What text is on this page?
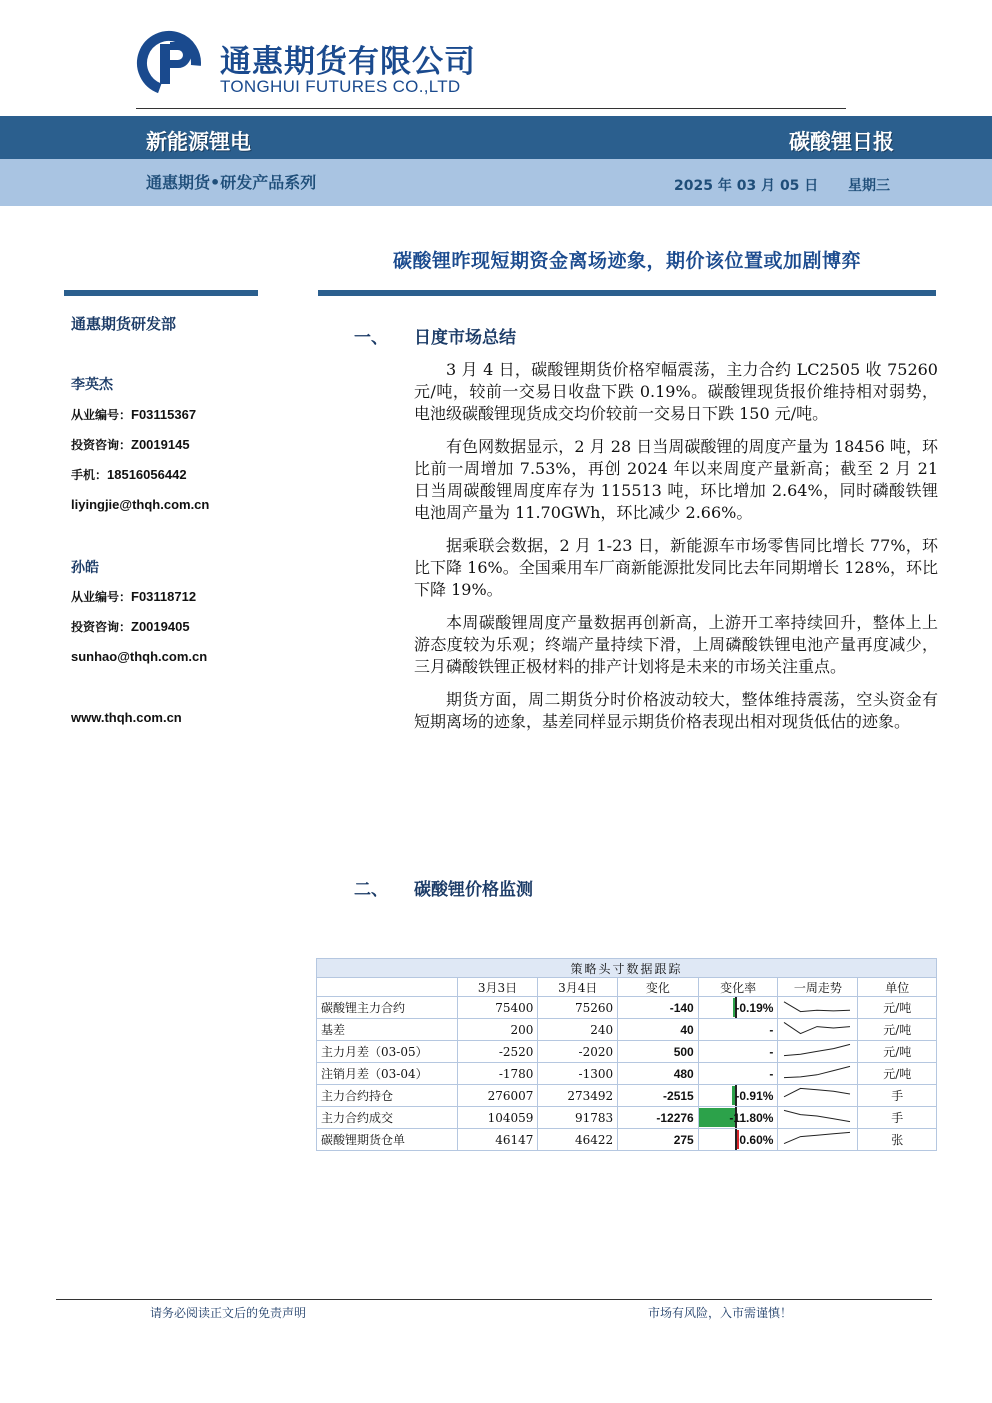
通惠期货有限公司
TONGHUI FUTURES CO.,LTD
新能源锂电	碳酸锂日报
通惠期货•研发产品系列	2025 年 03 月 05 日 星期三
碳酸锂昨现短期资金离场迹象，期价该位置或加剧博弈
通惠期货研发部
李英杰
从业编号：F03115367
投资咨询：Z0019145
手机：18516056442
liyingjie@thqh.com.cn
孙皓
从业编号：F03118712
投资咨询：Z0019405
sunhao@thqh.com.cn
www.thqh.com.cn
一、 日度市场总结

3 月 4 日，碳酸锂期货价格窄幅震荡，主力合约 LC2505 收 75260 元/吨，较前一交易日收盘下跌 0.19%。碳酸锂现货报价维持相对弱势，电池级碳酸锂现货成交均价较前一交易日下跌 150 元/吨。

有色网数据显示，2 月 28 日当周碳酸锂的周度产量为 18456 吨，环比前一周增加 7.53%，再创 2024 年以来周度产量新高；截至 2 月 21 日当周碳酸锂周度库存为 115513 吨，环比增加 2.64%，同时磷酸铁锂电池周产量为 11.70GWh，环比减少 2.66%。

据乘联会数据，2 月 1-23 日，新能源车市场零售同比增长 77%，环比下降 16%。全国乘用车厂商新能源批发同比去年同期增长 128%，环比下降 19%。

本周碳酸锂周度产量数据再创新高，上游开工率持续回升，整体上上游态度较为乐观；终端产量持续下滑，上周磷酸铁锂电池产量再度减少，三月磷酸铁锂正极材料的排产计划将是未来的市场关注重点。

期货方面，周二期货分时价格波动较大，整体维持震荡，空头资金有短期离场的迹象，基差同样显示期货价格表现出相对现货低估的迹象。

二、 碳酸锂价格监测
策略头寸数据跟踪						
	3月3日	3月4日	变化	变化率	一周走势	单位
碳酸锂主力合约	75400	75260	-140	-0.19%		元/吨
基差	200	240	40	-		元/吨
主力月差（03-05）	-2520	-2020	500	-		元/吨
注销月差（03-04）	-1780	-1300	480	-		元/吨
主力合约持仓	276007	273492	-2515	-0.91%		手
主力合约成交	104059	91783	-12276	-11.80%		手
碳酸锂期货仓单	46147	46422	275	0.60%		张
请务必阅读正文后的免责声明	市场有风险，入市需谨慎！
